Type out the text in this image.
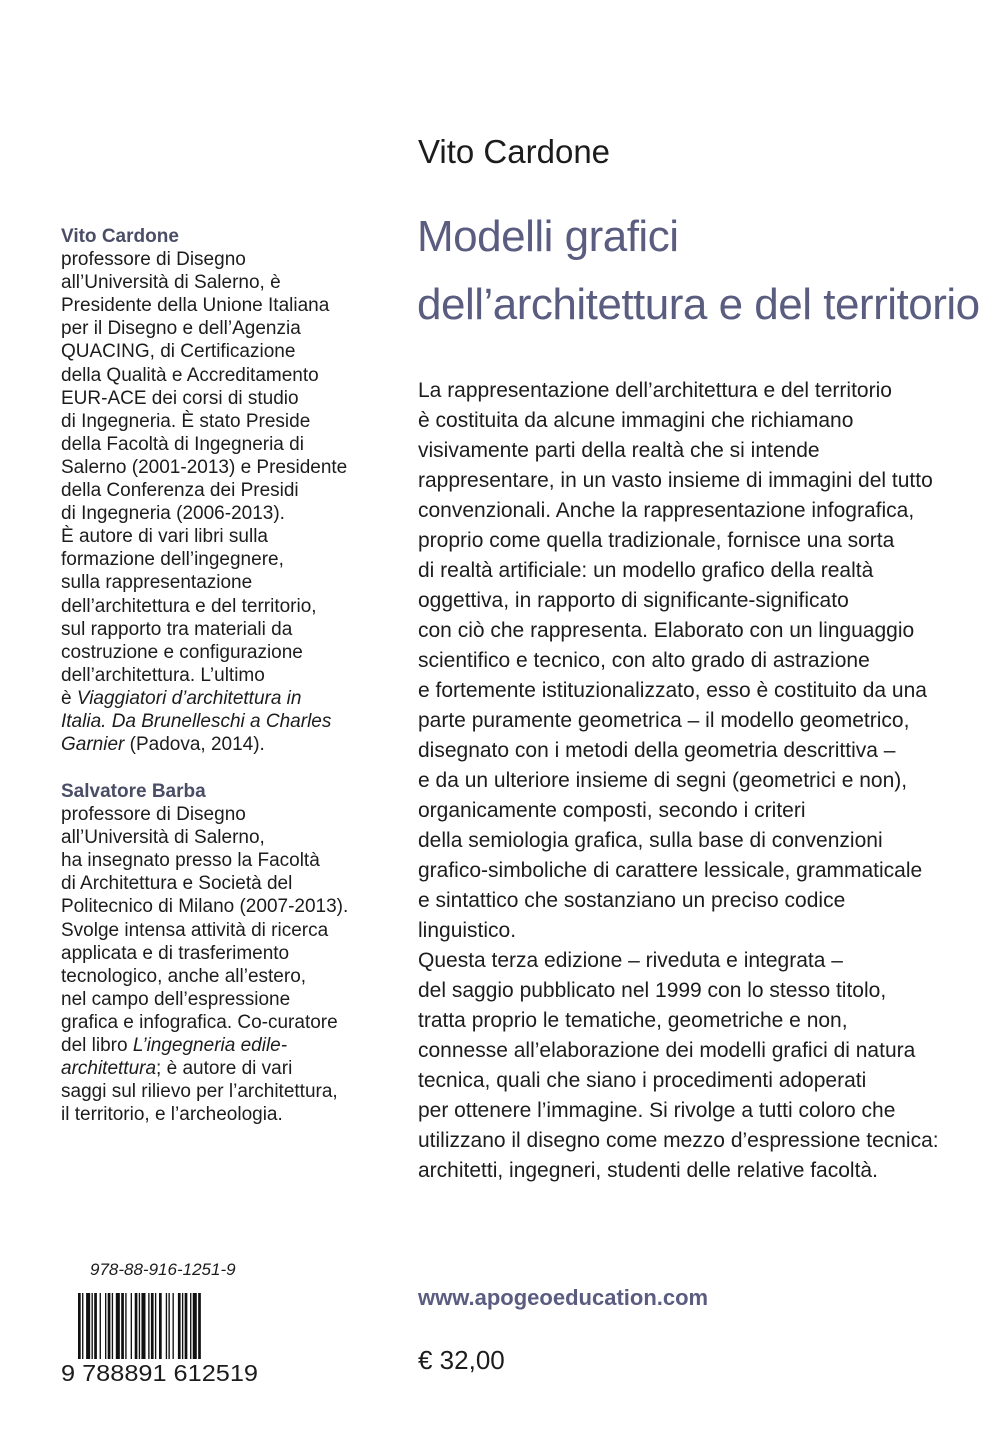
Vito Cardone
professore di Disegno
all’Università di Salerno, è
Presidente della Unione Italiana
per il Disegno e dell’Agenzia
QUACING, di Certificazione
della Qualità e Accreditamento
EUR-ACE dei corsi di studio
di Ingegneria. È stato Preside
della Facoltà di Ingegneria di
Salerno (2001-2013) e Presidente
della Conferenza dei Presidi
di Ingegneria (2006-2013).
È autore di vari libri sulla
formazione dell’ingegnere,
sulla rappresentazione
dell’architettura e del territorio,
sul rapporto tra materiali da
costruzione e configurazione
dell’architettura. L’ultimo
è Viaggiatori d’architettura in
Italia. Da Brunelleschi a Charles
Garnier (Padova, 2014).
Salvatore Barba
professore di Disegno
all’Università di Salerno,
ha insegnato presso la Facoltà
di Architettura e Società del
Politecnico di Milano (2007-2013).
Svolge intensa attività di ricerca
applicata e di trasferimento
tecnologico, anche all’estero,
nel campo dell’espressione
grafica e infografica. Co-curatore
del libro L’ingegneria edile-
architettura; è autore di vari
saggi sul rilievo per l’architettura,
il territorio, e l’archeologia.
978-88-916-1251-9
9 788891 612519
Vito Cardone
Modelli grafici
dell’architettura e del territorio
La rappresentazione dell’architettura e del territorio
è costituita da alcune immagini che richiamano
visivamente parti della realtà che si intende
rappresentare, in un vasto insieme di immagini del tutto
convenzionali. Anche la rappresentazione infografica,
proprio come quella tradizionale, fornisce una sorta
di realtà artificiale: un modello grafico della realtà
oggettiva, in rapporto di significante-significato
con ciò che rappresenta. Elaborato con un linguaggio
scientifico e tecnico, con alto grado di astrazione
e fortemente istituzionalizzato, esso è costituito da una
parte puramente geometrica – il modello geometrico,
disegnato con i metodi della geometria descrittiva –
e da un ulteriore insieme di segni (geometrici e non),
organicamente composti, secondo i criteri
della semiologia grafica, sulla base di convenzioni
grafico-simboliche di carattere lessicale, grammaticale
e sintattico che sostanziano un preciso codice
linguistico.
Questa terza edizione – riveduta e integrata –
del saggio pubblicato nel 1999 con lo stesso titolo,
tratta proprio le tematiche, geometriche e non,
connesse all’elaborazione dei modelli grafici di natura
tecnica, quali che siano i procedimenti adoperati
per ottenere l’immagine. Si rivolge a tutti coloro che
utilizzano il disegno come mezzo d’espressione tecnica:
architetti, ingegneri, studenti delle relative facoltà.
www.apogeoeducation.com
€ 32,00
